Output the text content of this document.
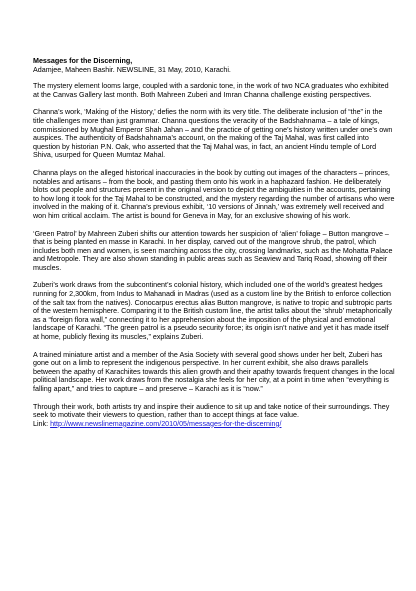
Messages for the Discerning,

Adamjee, Maheen Bashir. NEWSLINE, 31 May, 2010, Karachi.

The mystery element looms large, coupled with a sardonic tone, in the work of two NCA graduates who exhibited at the Canvas Gallery last month. Both Mahreen Zuberi and Imran Channa challenge existing perspectives.

Channa’s work, ‘Making of the History,’ defies the norm with its very title. The deliberate inclusion of “the” in the title challenges more than just grammar. Channa questions the veracity of the Badshahnama – a tale of kings, commissioned by Mughal Emperor Shah Jahan – and the practice of getting one’s history written under one’s own auspices. The authenticity of Badshahnama’s account, on the making of the Taj Mahal, was first called into question by historian P.N. Oak, who asserted that the Taj Mahal was, in fact, an ancient Hindu temple of Lord Shiva, usurped for Queen Mumtaz Mahal.

Channa plays on the alleged historical inaccuracies in the book by cutting out images of the characters – princes, notables and artisans – from the book, and pasting them onto his work in a haphazard fashion. He deliberately blots out people and structures present in the original version to depict the ambiguities in the accounts, pertaining to how long it took for the Taj Mahal to be constructed, and the mystery regarding the number of artisans who were involved in the making of it. Channa’s previous exhibit, ‘10 versions of Jinnah,’ was extremely well received and won him critical acclaim. The artist is bound for Geneva in May, for an exclusive showing of his work.

‘Green Patrol’ by Mahreen Zuberi shifts our attention towards her suspicion of ‘alien’ foliage – Button mangrove – that is being planted en masse in Karachi. In her display, carved out of the mangrove shrub, the patrol, which includes both men and women, is seen marching across the city, crossing landmarks, such as the Mohatta Palace and Metropole. They are also shown standing in public areas such as Seaview and Tariq Road, showing off their muscles.

Zuberi’s work draws from the subcontinent’s colonial history, which included one of the world’s greatest hedges running for 2,300km, from Indus to Mahanadi in Madras (used as a custom line by the British to enforce collection of the salt tax from the natives). Conocarpus erectus alias Button mangrove, is native to tropic and subtropic parts of the western hemisphere. Comparing it to the British custom line, the artist talks about the ‘shrub’ metaphorically as a “foreign flora wall,” connecting it to her apprehension about the imposition of the physical and emotional landscape of Karachi. “The green patrol is a pseudo security force; its origin isn’t native and yet it has made itself at home, publicly flexing its muscles,” explains Zuberi.

A trained miniature artist and a member of the Asia Society with several good shows under her belt, Zuberi has gone out on a limb to represent the indigenous perspective. In her current exhibit, she also draws parallels between the apathy of Karachiites towards this alien growth and their apathy towards frequent changes in the local political landscape. Her work draws from the nostalgia she feels for her city, at a point in time when “everything is falling apart,” and tries to capture – and preserve – Karachi as it is “now.”

Through their work, both artists try and inspire their audience to sit up and take notice of their surroundings. They seek to motivate their viewers to question, rather than to accept things at face value.

Link: http://www.newslinemagazine.com/2010/05/messages-for-the-discerning/
